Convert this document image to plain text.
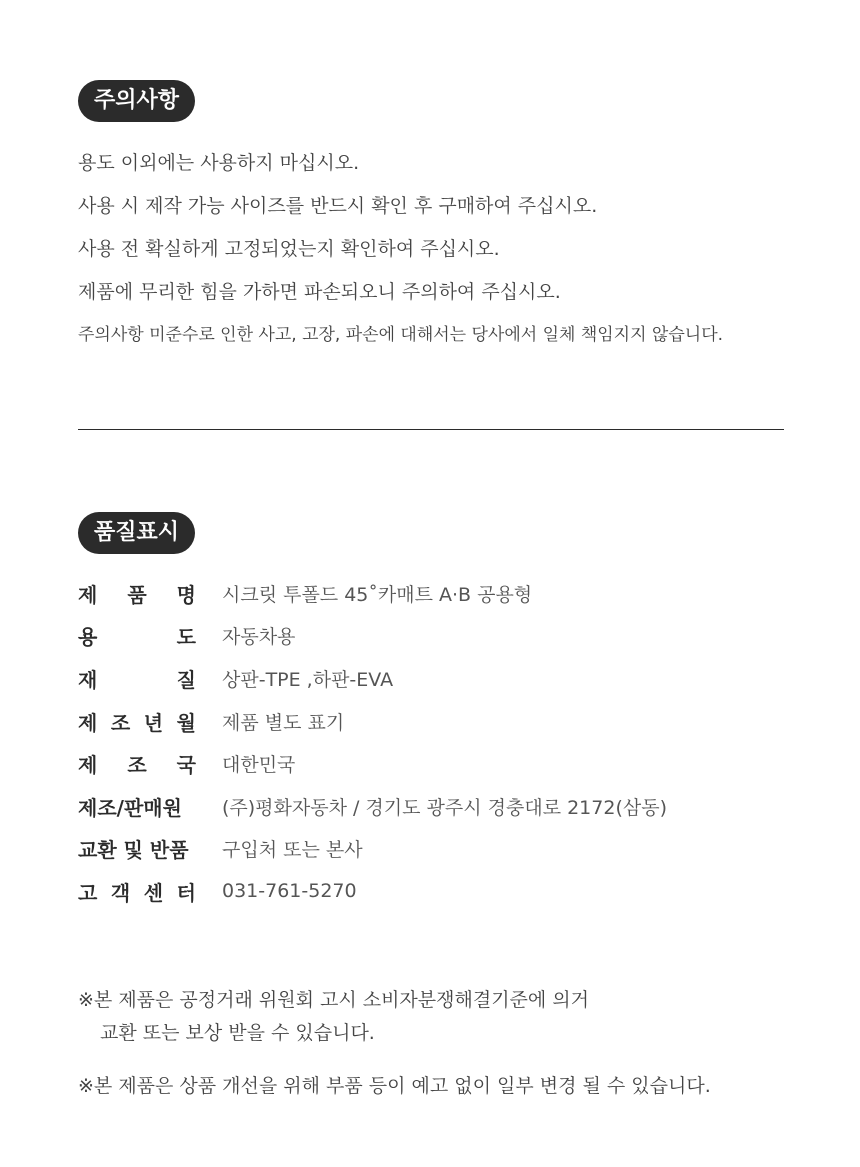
주의사항
용도 이외에는 사용하지 마십시오.
사용 시 제작 가능 사이즈를 반드시 확인 후 구매하여 주십시오.
사용 전 확실하게 고정되었는지 확인하여 주십시오.
제품에 무리한 힘을 가하면 파손되오니 주의하여 주십시오.
주의사항 미준수로 인한 사고, 고장, 파손에 대해서는 당사에서 일체 책임지지 않습니다.
품질표시
제 품 명 시크릿 투폴드 45˚카매트 A·B 공용형
용	도 자동차용
재	질 상판-TPE ,하판-EVA
제 조 년 월 제품 별도 표기
제 조 국 대한민국
제조/판매원 (주)평화자동차 / 경기도 광주시 경충대로 2172(삼동)
교환 및 반품 구입처 또는 본사
고 객 센 터 031-761-5270
※본 제품은 공정거래 위원회 고시 소비자분쟁해결기준에 의거
교환 또는 보상 받을 수 있습니다.
※본 제품은 상품 개선을 위해 부품 등이 예고 없이 일부 변경 될 수 있습니다.
